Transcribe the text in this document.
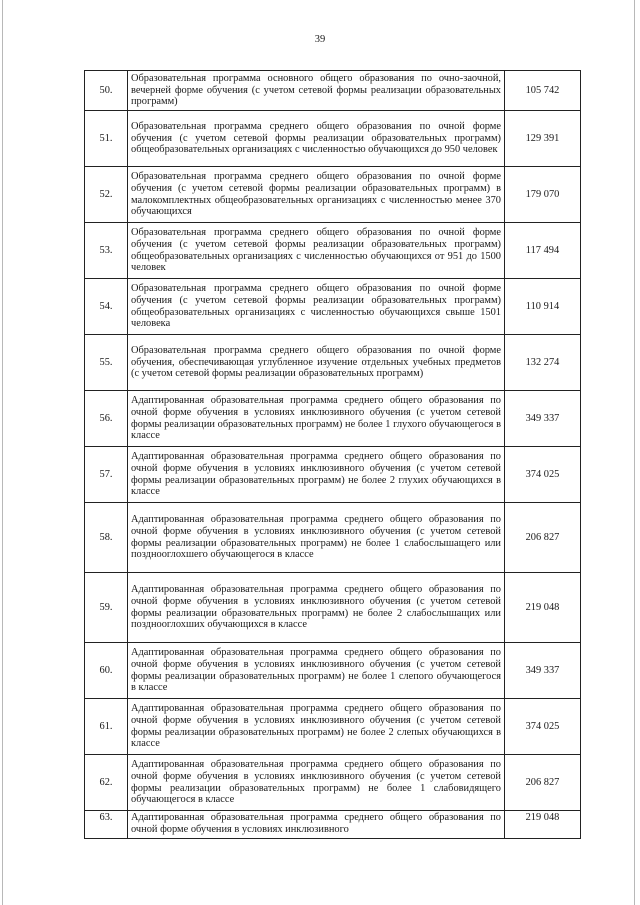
39
50.	Образовательная программа основного общего образования по очно-заочной, вечерней форме обучения (с учетом сетевой формы реализации образовательных программ)	105 742
51.	Образовательная программа среднего общего образования по очной форме обучения (с учетом сетевой формы реализации образовательных программ) общеобразовательных организациях с численностью обучающихся до 950 человек	129 391
52.	Образовательная программа среднего общего образования по очной форме обучения (с учетом сетевой формы реализации образовательных программ) в малокомплектных общеобразовательных организациях с численностью менее 370 обучающихся	179 070
53.	Образовательная программа среднего общего образования по очной форме обучения (с учетом сетевой формы реализации образовательных программ) общеобразовательных организациях с численностью обучающихся от 951 до 1500 человек	117 494
54.	Образовательная программа среднего общего образования по очной форме обучения (с учетом сетевой формы реализации образовательных программ) общеобразовательных организациях с численностью обучающихся свыше 1501 человека	110 914
55.	Образовательная программа среднего общего образования по очной форме обучения, обеспечивающая углубленное изучение отдельных учебных предметов (с учетом сетевой формы реализации образовательных программ)	132 274
56.	Адаптированная образовательная программа среднего общего образования по очной форме обучения в условиях инклюзивного обучения (с учетом сетевой формы реализации образовательных программ) не более 1 глухого обучающегося в классе	349 337
57.	Адаптированная образовательная программа среднего общего образования по очной форме обучения в условиях инклюзивного обучения (с учетом сетевой формы реализации образовательных программ) не более 2 глухих обучающихся в классе	374 025
58.	Адаптированная образовательная программа среднего общего образования по очной форме обучения в условиях инклюзивного обучения (с учетом сетевой формы реализации образовательных программ) не более 1 слабослышащего или позднооглохшего обучающегося в классе	206 827
59.	Адаптированная образовательная программа среднего общего образования по очной форме обучения в условиях инклюзивного обучения (с учетом сетевой формы реализации образовательных программ) не более 2 слабослышащих или позднооглохших обучающихся в классе	219 048
60.	Адаптированная образовательная программа среднего общего образования по очной форме обучения в условиях инклюзивного обучения (с учетом сетевой формы реализации образовательных программ) не более 1 слепого обучающегося в классе	349 337
61.	Адаптированная образовательная программа среднего общего образования по очной форме обучения в условиях инклюзивного обучения (с учетом сетевой формы реализации образовательных программ) не более 2 слепых обучающихся в классе	374 025
62.	Адаптированная образовательная программа среднего общего образования по очной форме обучения в условиях инклюзивного обучения (с учетом сетевой формы реализации образовательных программ) не более 1 слабовидящего обучающегося в классе	206 827
63.	Адаптированная образовательная программа среднего общего образования по очной форме обучения в условиях инклюзивного	219 048
